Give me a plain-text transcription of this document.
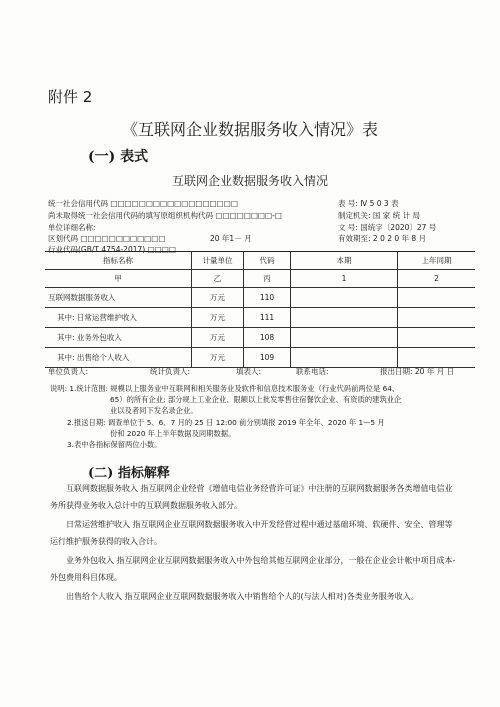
附件 2
《互联网企业数据服务收入情况》表
(一) 表式
互联网企业数据服务收入情况
统一社会信用代码 □□□□□□□□□□□□□□□□□□
尚未取得统一社会信用代码的填写原组织机构代码 □□□□□□□□-□
单位详细名称:
区划代码 □□□□□□□□□□□□	20 年1－ 月
行业代码(GB/T 4754-2017) □□□□
表 号: Ⅳ 5 0 3 表
制定机关: 国 家 统 计 局
文 号: 国统字〔2020〕27 号
有效期至: 2 0 2 0 年 8 月
指标名称	计量单位	代码	本期	上年同期
甲	乙	丙	1	2
互联网数据服务收入	万元	110		
其中: 日常运营维护收入	万元	111		
其中: 业务外包收入	万元	108		
其中: 出售给个人收入	万元	109		
单位负责人:	统计负责人:	填表人:	联系电话:	报出日期: 20 年 月 日
说明: 1.统计范围: 规模以上服务业中互联网和相关服务业及软件和信息技术服务业（行业代码前两位是 64、
65）的所有企业; 部分规上工业企业、限额以上批发零售住宿餐饮企业、有资质的建筑业企
业以及者同下发名录企业。
2.报送日期: 调查单位于 5、6、7 月的 25 日 12:00 前分别填报 2019 年全年、2020 年 1—5 月
份和 2020 年上半年数据及同期数据。
3.表中各指标保留两位小数。
(二) 指标解释
互联网数据服务收入 指互联网企业经营《增值电信业务经营许可证》中注册的互联网数据服务各类增值电信业务所获得业务收入总计中的互联网数据服务收入部分。
日常运营维护收入 指互联网企业互联网数据服务收入中开发经营过程中通过基础环境、软硬件、安全、管理等运行维护服务获得的收入合计。
业务外包收入 指互联网企业互联网数据服务收入中外包给其他互联网企业部分，一般在企业会计帐中项目成本-外包费用科目体现。
出售给个人收入 指互联网企业互联网数据服务收入中销售给个人的(与法人相对)各类业务服务收入。
